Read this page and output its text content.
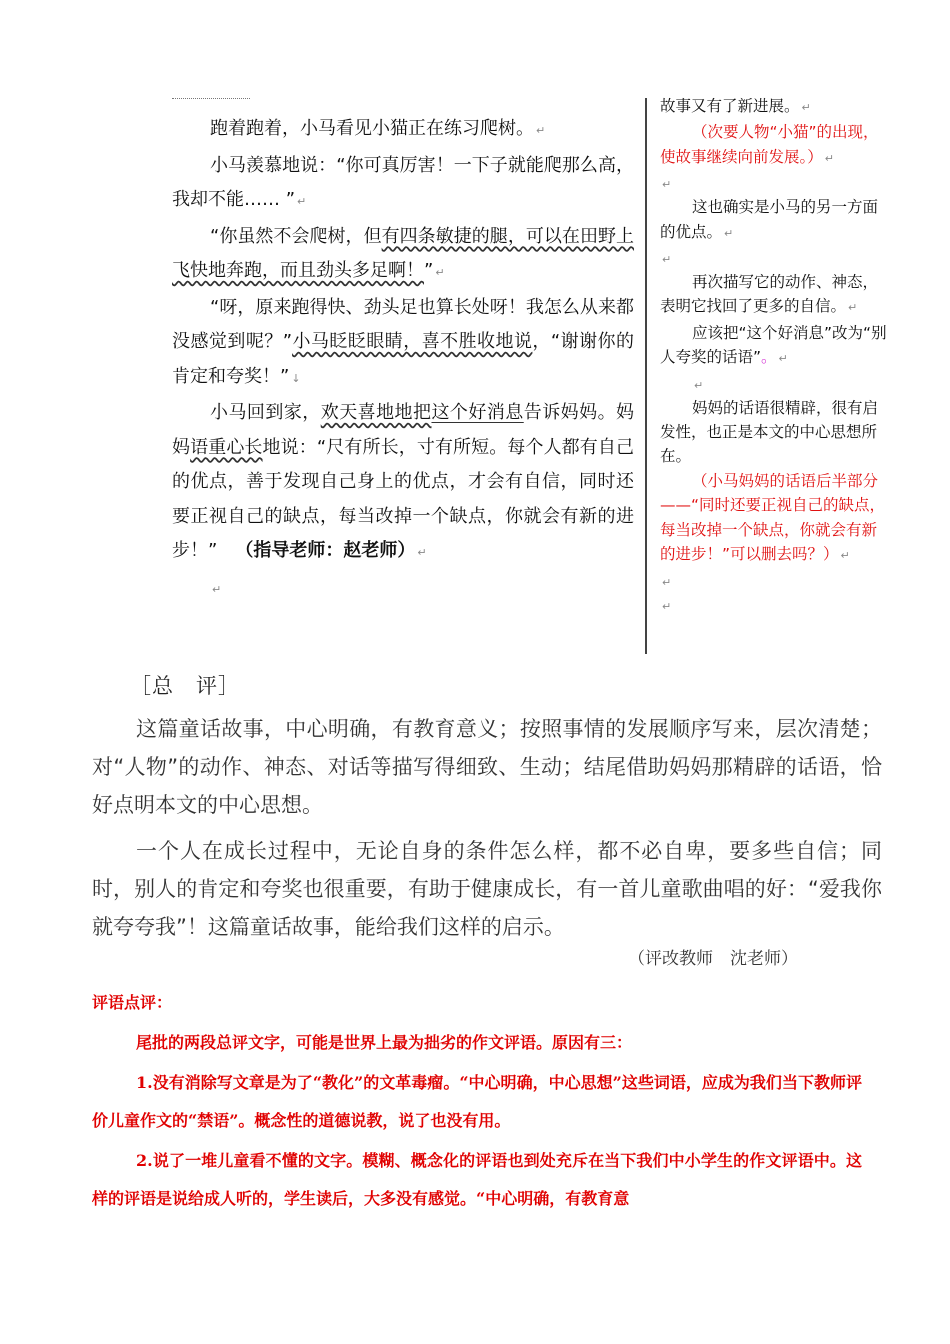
跑着跑着，小马看见小猫正在练习爬树。 ↵

小马羡慕地说：“你可真厉害！一下子就能爬那么高，我却不能…… ” ↵

“你虽然不会爬树，但有四条敏捷的腿，可以在田野上飞快地奔跑，而且劲头多足啊！” ↵

“呀，原来跑得快、劲头足也算长处呀！我怎么从来都没感觉到呢？”小马眨眨眼睛，喜不胜收地说，“谢谢你的肯定和夸奖！” ↓

小马回到家，欢天喜地地把这个好消息告诉妈妈。妈妈语重心长地说：“尺有所长，寸有所短。每个人都有自己的优点，善于发现自己身上的优点，才会有自信，同时还要正视自己的缺点，每当改掉一个缺点，你就会有新的进步！”  （指导老师：赵老师） ↵

↵

故事又有了新进展。 ↵

（次要人物“小猫”的出现，使故事继续向前发展。） ↵

↵

这也确实是小马的另一方面的优点。 ↵

↵

再次描写它的动作、神态，表明它找回了更多的自信。 ↵

应该把“这个好消息”改为“别人夸奖的话语”。 ↵

↵

妈妈的话语很精辟，很有启发性，也正是本文的中心思想所在。

（小马妈妈的话语后半部分——“同时还要正视自己的缺点，每当改掉一个缺点，你就会有新的进步！”可以删去吗？） ↵

↵

↵

［总　评］

这篇童话故事，中心明确，有教育意义；按照事情的发展顺序写来，层次清楚；对“人物”的动作、神态、对话等描写得细致、生动；结尾借助妈妈那精辟的话语，恰好点明本文的中心思想。

一个人在成长过程中，无论自身的条件怎么样，都不必自卑，要多些自信；同时，别人的肯定和夸奖也很重要，有助于健康成长，有一首儿童歌曲唱的好：“爱我你就夸夸我”！这篇童话故事，能给我们这样的启示。

（评改教师　沈老师）
评语点评：

尾批的两段总评文字，可能是世界上最为拙劣的作文评语。原因有三：

1.没有消除写文章是为了“教化”的文革毒瘤。“中心明确，中心思想”这些词语，应成为我们当下教师评价儿童作文的“禁语”。概念性的道德说教，说了也没有用。

2.说了一堆儿童看不懂的文字。模糊、概念化的评语也到处充斥在当下我们中小学生的作文评语中。这样的评语是说给成人听的，学生读后，大多没有感觉。“中心明确，有教育意
